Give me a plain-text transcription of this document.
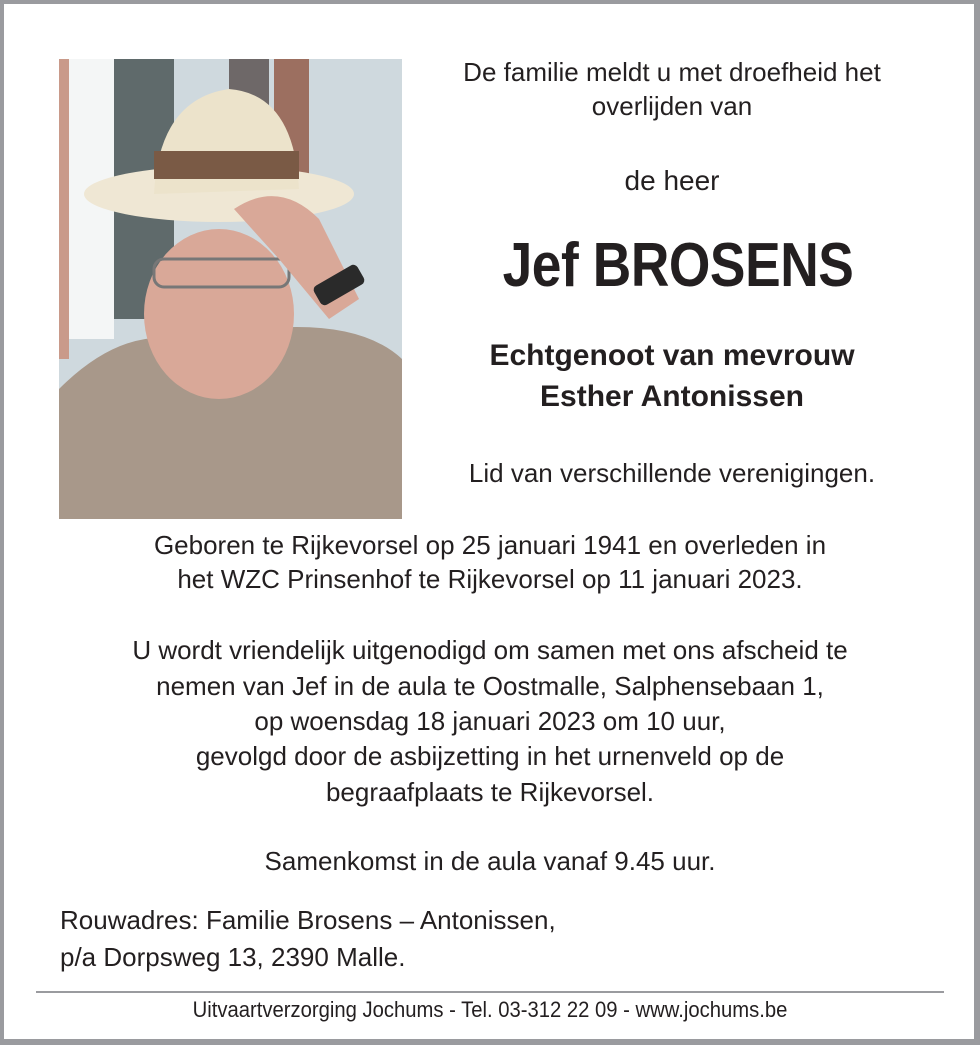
De familie meldt u met droefheid het
overlijden van
de heer
Jef BROSENS
Echtgenoot van mevrouw
Esther Antonissen
Lid van verschillende verenigingen.
Geboren te Rijkevorsel op 25 januari 1941 en overleden in
het WZC Prinsenhof te Rijkevorsel op 11 januari 2023.
U wordt vriendelijk uitgenodigd om samen met ons afscheid te
nemen van Jef in de aula te Oostmalle, Salphensebaan 1,
op woensdag 18 januari 2023 om 10 uur,
gevolgd door de asbijzetting in het urnenveld op de
begraafplaats te Rijkevorsel.
Samenkomst in de aula vanaf 9.45 uur.
Rouwadres: Familie Brosens – Antonissen,
p/a Dorpsweg 13, 2390 Malle.
Uitvaartverzorging Jochums - Tel. 03-312 22 09 - www.jochums.be
